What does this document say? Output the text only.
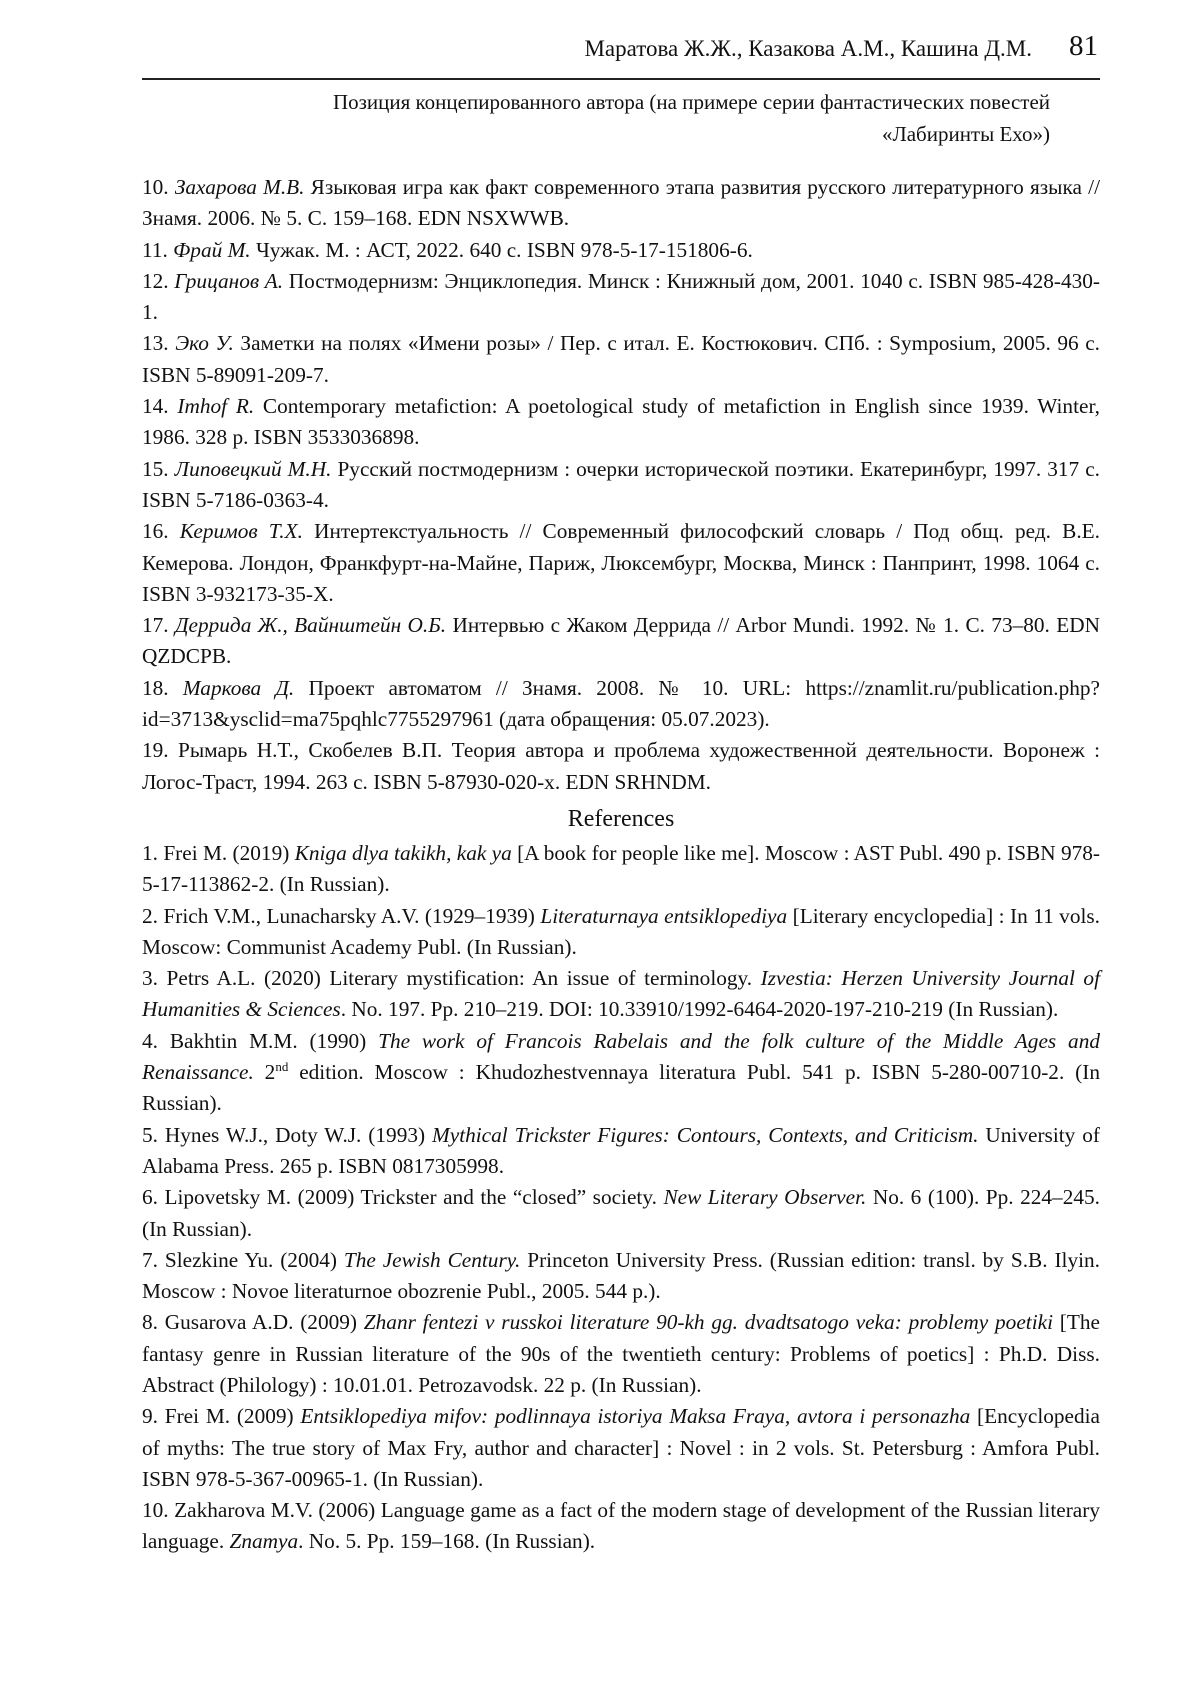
Маратова Ж.Ж., Казакова А.М., Кашина Д.М. 81
Позиция концепированного автора (на примере серии фантастических повестей
«Лабиринты Ехо»)

10. Захарова М.В. Языковая игра как факт современного этапа развития русского литературного языка // Знамя. 2006. № 5. С. 159–168. EDN NSXWWB.

11. Фрай М. Чужак. М. : АСТ, 2022. 640 с. ISBN 978-5-17-151806-6.

12. Грицанов А. Постмодернизм: Энциклопедия. Минск : Книжный дом, 2001. 1040 с. ISBN 985-428-430-1.

13. Эко У. Заметки на полях «Имени розы» / Пер. с итал. Е. Костюкович. СПб. : Symposium, 2005. 96 с. ISBN 5-89091-209-7.

14. Imhof R. Contemporary metafiction: A poetological study of metafiction in English since 1939. Winter, 1986. 328 p. ISBN 3533036898.

15. Липовецкий М.Н. Русский постмодернизм : очерки исторической поэтики. Екатеринбург, 1997. 317 с. ISBN 5-7186-0363-4.

16. Керимов Т.Х. Интертекстуальность // Современный философский словарь / Под общ. ред. В.Е. Кемерова. Лондон, Франкфурт-на-Майне, Париж, Люксембург, Москва, Минск : Панпринт, 1998. 1064 с. ISBN 3-932173-35-X.

17. Деррида Ж., Вайнштейн О.Б. Интервью с Жаком Деррида // Arbor Mundi. 1992. № 1. С. 73–80. EDN QZDCPB.

18. Маркова Д. Проект автоматом // Знамя. 2008. № 10. URL: https://znamlit.ru/publication.php?id=3713&ysclid=ma75pqhlc7755297961 (дата обращения: 05.07.2023).

19. Рымарь Н.Т., Скобелев В.П. Теория автора и проблема художественной деятельности. Воронеж : Логос-Траст, 1994. 263 с. ISBN 5-87930-020-х. EDN SRHNDM.

References

1. Frei M. (2019) Kniga dlya takikh, kak ya [A book for people like me]. Moscow : AST Publ. 490 p. ISBN 978-5-17-113862-2. (In Russian).

2. Frich V.M., Lunacharsky A.V. (1929–1939) Literaturnaya entsiklopediya [Literary encyclopedia] : In 11 vols. Moscow: Communist Academy Publ. (In Russian).

3. Petrs A.L. (2020) Literary mystification: An issue of terminology. Izvestia: Herzen University Journal of Humanities & Sciences. No. 197. Pp. 210–219. DOI: 10.33910/1992-6464-2020-197-210-219 (In Russian).

4. Bakhtin M.M. (1990) The work of Francois Rabelais and the folk culture of the Middle Ages and Renaissance. 2nd edition. Moscow : Khudozhestvennaya literatura Publ. 541 p. ISBN 5-280-00710-2. (In Russian).

5. Hynes W.J., Doty W.J. (1993) Mythical Trickster Figures: Contours, Contexts, and Criticism. University of Alabama Press. 265 p. ISBN 0817305998.

6. Lipovetsky M. (2009) Trickster and the “closed” society. New Literary Observer. No. 6 (100). Pp. 224–245. (In Russian).

7. Slezkine Yu. (2004) The Jewish Century. Princeton University Press. (Russian edition: transl. by S.B. Ilyin. Moscow : Novoe literaturnoe obozrenie Publ., 2005. 544 p.).

8. Gusarova A.D. (2009) Zhanr fentezi v russkoi literature 90-kh gg. dvadtsatogo veka: problemy poetiki [The fantasy genre in Russian literature of the 90s of the twentieth century: Problems of poetics] : Ph.D. Diss. Abstract (Philology) : 10.01.01. Petrozavodsk. 22 p. (In Russian).

9. Frei M. (2009) Entsiklopediya mifov: podlinnaya istoriya Maksa Fraya, avtora i personazha [Encyclopedia of myths: The true story of Max Fry, author and character] : Novel : in 2 vols. St. Petersburg : Amfora Publ. ISBN 978-5-367-00965-1. (In Russian).

10. Zakharova M.V. (2006) Language game as a fact of the modern stage of development of the Russian literary language. Znamya. No. 5. Pp. 159–168. (In Russian).
